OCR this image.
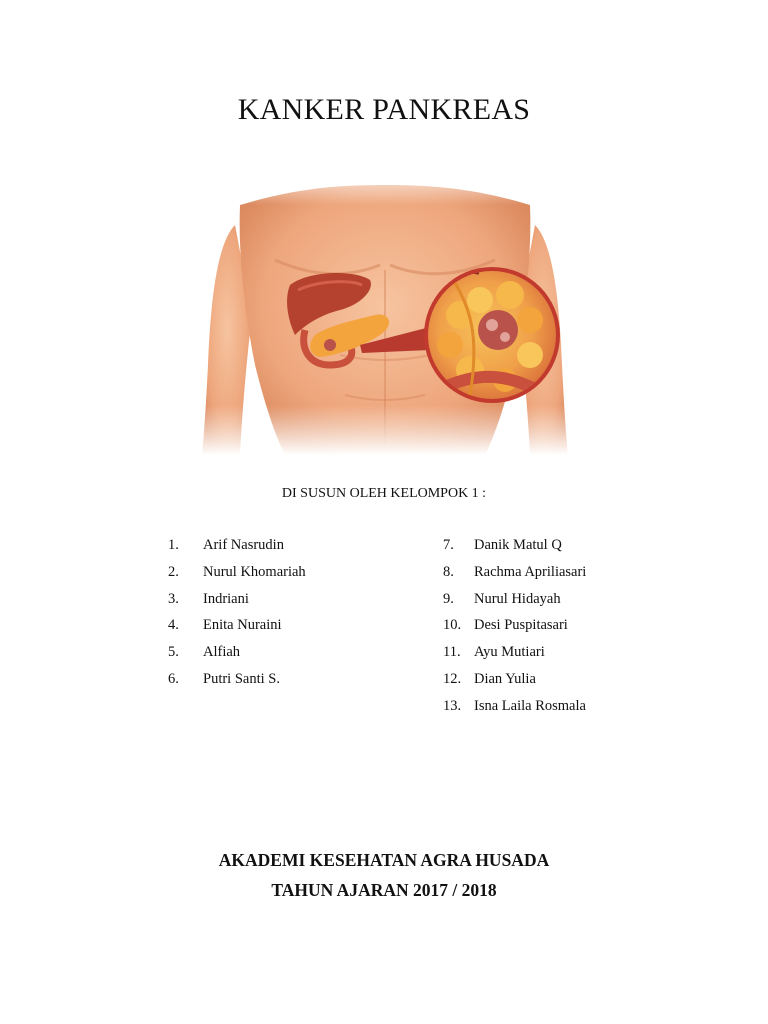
KANKER PANKREAS
DI SUSUN OLEH KELOMPOK 1 :
1. Arif Nasrudin
2. Nurul Khomariah
3. Indriani
4. Enita Nuraini
5. Alfiah
6. Putri Santi S.
7. Danik Matul Q
8. Rachma Apriliasari
9. Nurul Hidayah
10. Desi Puspitasari
11. Ayu Mutiari
12. Dian Yulia
13. Isna Laila Rosmala
AKADEMI KESEHATAN AGRA HUSADA
TAHUN AJARAN 2017 / 2018
